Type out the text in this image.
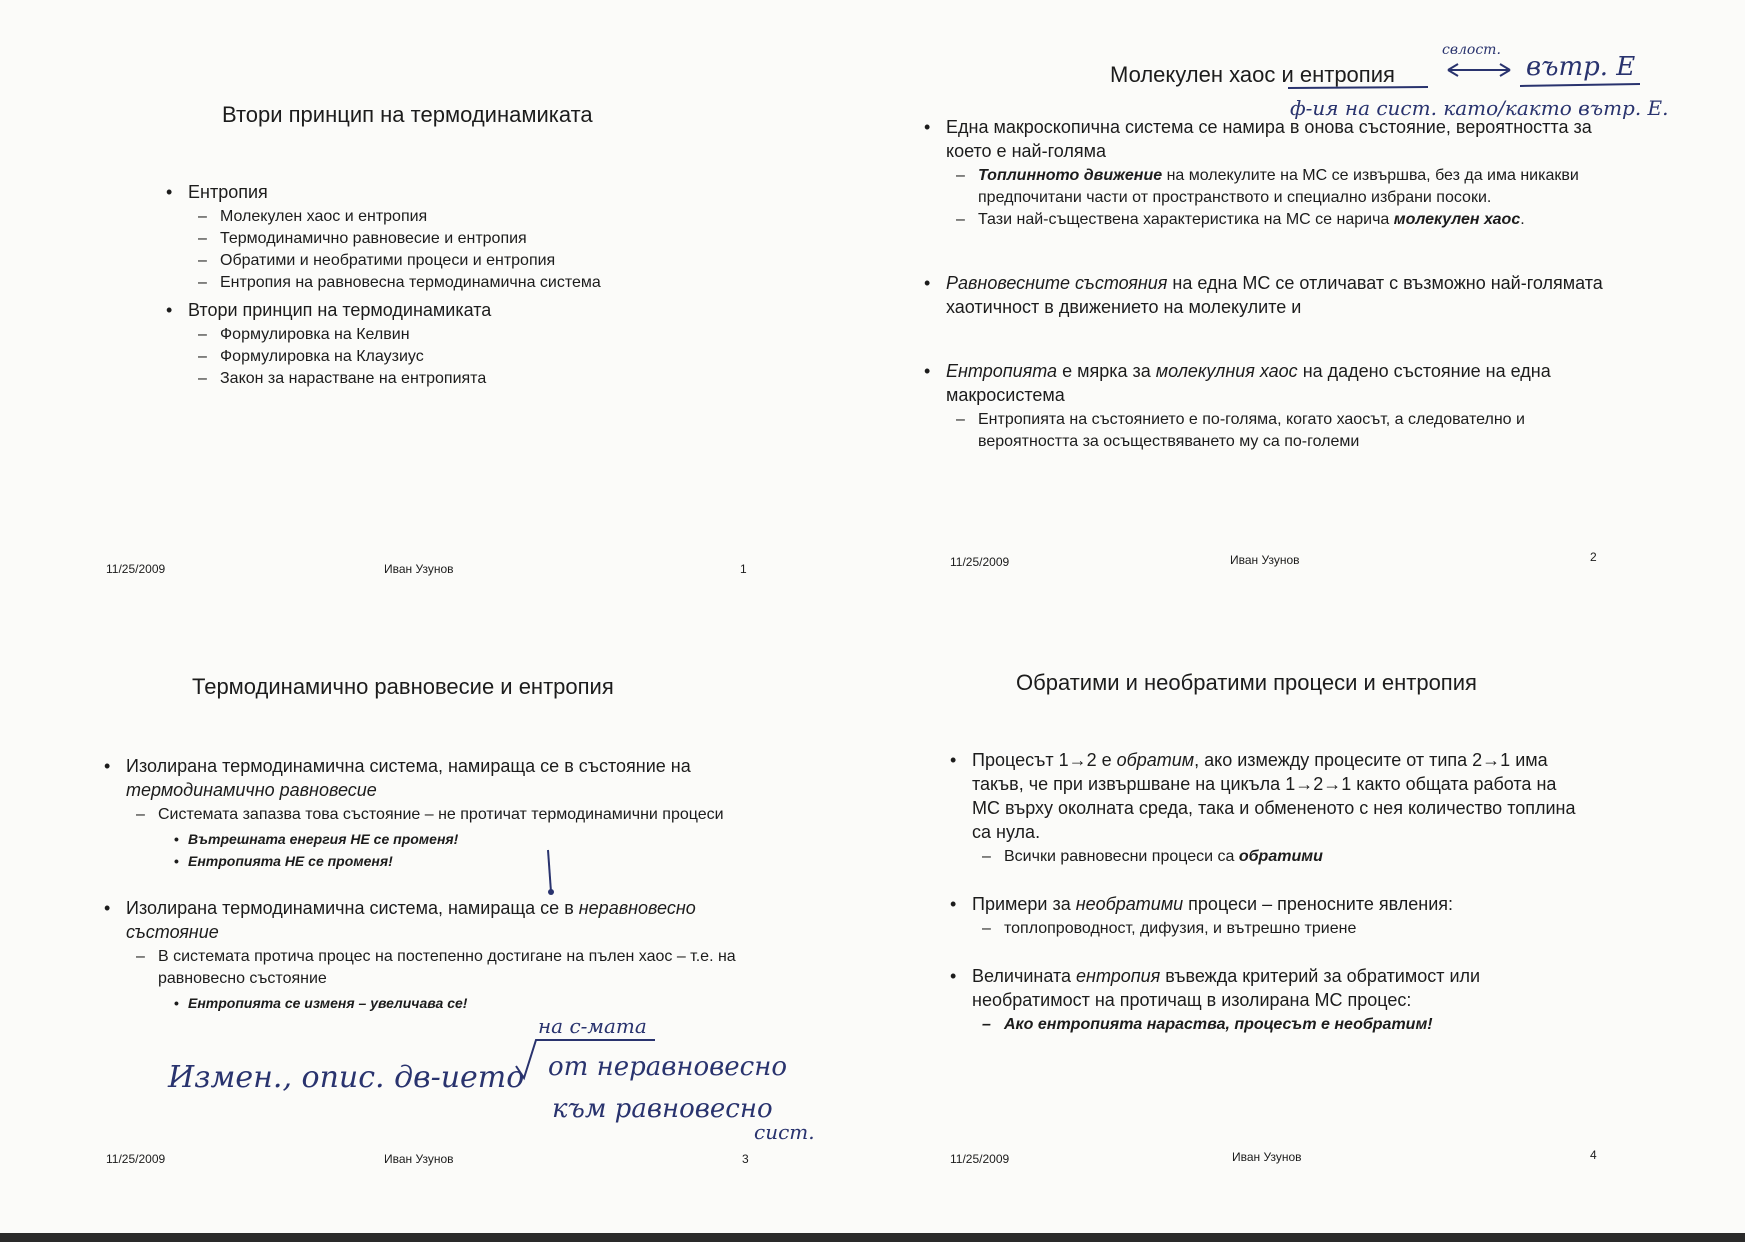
Втори принцип на термодинамиката
• Ентропия
– Молекулен хаос и ентропия
– Термодинамично равновесие и ентропия
– Обратими и необратими процеси и ентропия
– Ентропия на равновесна термодинамична система
• Втори принцип на термодинамиката
– Формулировка на Келвин
– Формулировка на Клаузиус
– Закон за нарастване на ентропията
11/25/2009	Иван Узунов	1
Молекулен хаос и ентропия
• Една макроскопична система се намира в онова състояние, вероятността за което е най-голяма
– Топлинното движение на молекулите на МС се извършва, без да има никакви предпочитани части от пространството и специално избрани посоки.
– Тази най-съществена характеристика на МС се нарича молекулен хаос.
• Равновесните състояния на една МС се отличават с възможно най-голямата хаотичност в движението на молекулите и
• Ентропията е мярка за молекулния хаос на дадено състояние на една макросистема
– Ентропията на състоянието е по-голяма, когато хаосът, а следователно и вероятността за осъществяването му са по-големи
11/25/2009	Иван Узунов	2
Термодинамично равновесие и ентропия
• Изолирана термодинамична система, намираща се в състояние на термодинамично равновесие
– Системата запазва това състояние – не протичат термодинамични процеси
• Вътрешната енергия НЕ се променя!
• Ентропията НЕ се променя!
• Изолирана термодинамична система, намираща се в неравновесно състояние
– В системата протича процес на постепенно достигане на пълен хаос – т.е. на равновесно състояние
• Ентропията се изменя – увеличава се!
11/25/2009	Иван Узунов	3
Обратими и необратими процеси и ентропия
• Процесът 1→2 е обратим, ако измежду процесите от типа 2→1 има такъв, че при извършване на цикъла 1→2→1 както общата работа на МС върху околната среда, така и обмененото с нея количество топлина са нула.
– Всички равновесни процеси са обратими
• Примери за необратими процеси – преносните явления:
– топлопроводност, дифузия, и вътрешно триене
• Величината ентропия въвежда критерий за обратимост или необратимост на протичащ в изолирана МС процес:
– Ако ентропията нараства, процесът е необратим!
11/25/2009	Иван Узунов	4
свлост.
вътр. Е
ф-ия на сист. като/както вътр. Е.
Измен., опис. дв-ието
на с-мата
от неравновесно
към равновесно
сист.
